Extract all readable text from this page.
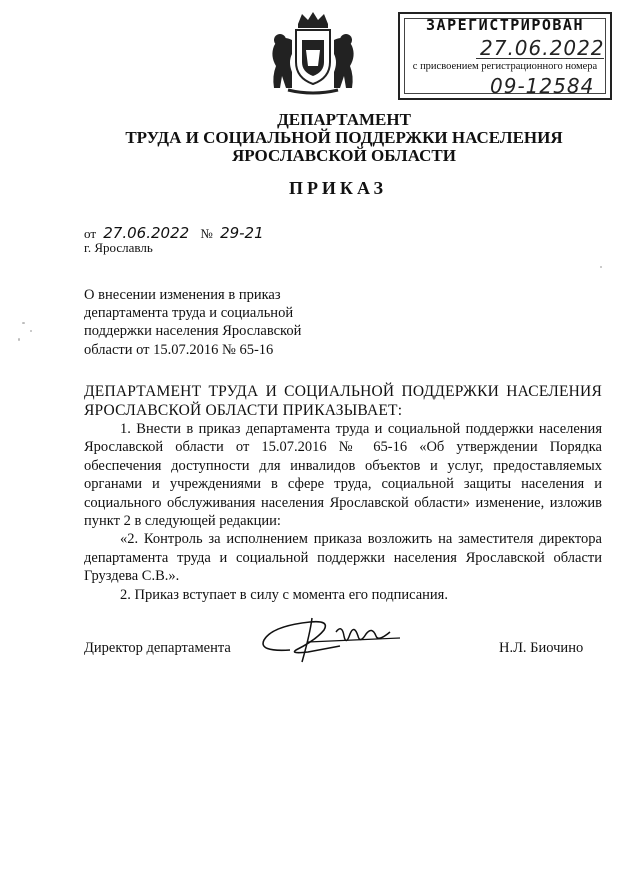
ЗАРЕГИСТРИРОВАН
27.06.2022
с присвоением регистрационного номера
09-12584
ДЕПАРТАМЕНТ
ТРУДА И СОЦИАЛЬНОЙ ПОДДЕРЖКИ НАСЕЛЕНИЯ
ЯРОСЛАВСКОЙ ОБЛАСТИ
ПРИКАЗ
от 27.06.2022 № 29-21
г. Ярославль
О внесении изменения в приказ
департамента труда и социальной
поддержки населения Ярославской
области от 15.07.2016 № 65-16

ДЕПАРТАМЕНТ ТРУДА И СОЦИАЛЬНОЙ ПОДДЕРЖКИ НАСЕЛЕНИЯ ЯРОСЛАВСКОЙ ОБЛАСТИ ПРИКАЗЫВАЕТ:

1. Внести в приказ департамента труда и социальной поддержки населения Ярославской области от 15.07.2016 № 65-16 «Об утверждении Порядка обеспечения доступности для инвалидов объектов и услуг, предоставляемых органами и учреждениями в сфере труда, социальной защиты населения и социального обслуживания населения Ярославской области» изменение, изложив пункт 2 в следующей редакции:

«2. Контроль за исполнением приказа возложить на заместителя директора департамента труда и социальной поддержки населения Ярославской области Груздева С.В.».

2. Приказ вступает в силу с момента его подписания.

Директор департамента	Н.Л. Биочино
